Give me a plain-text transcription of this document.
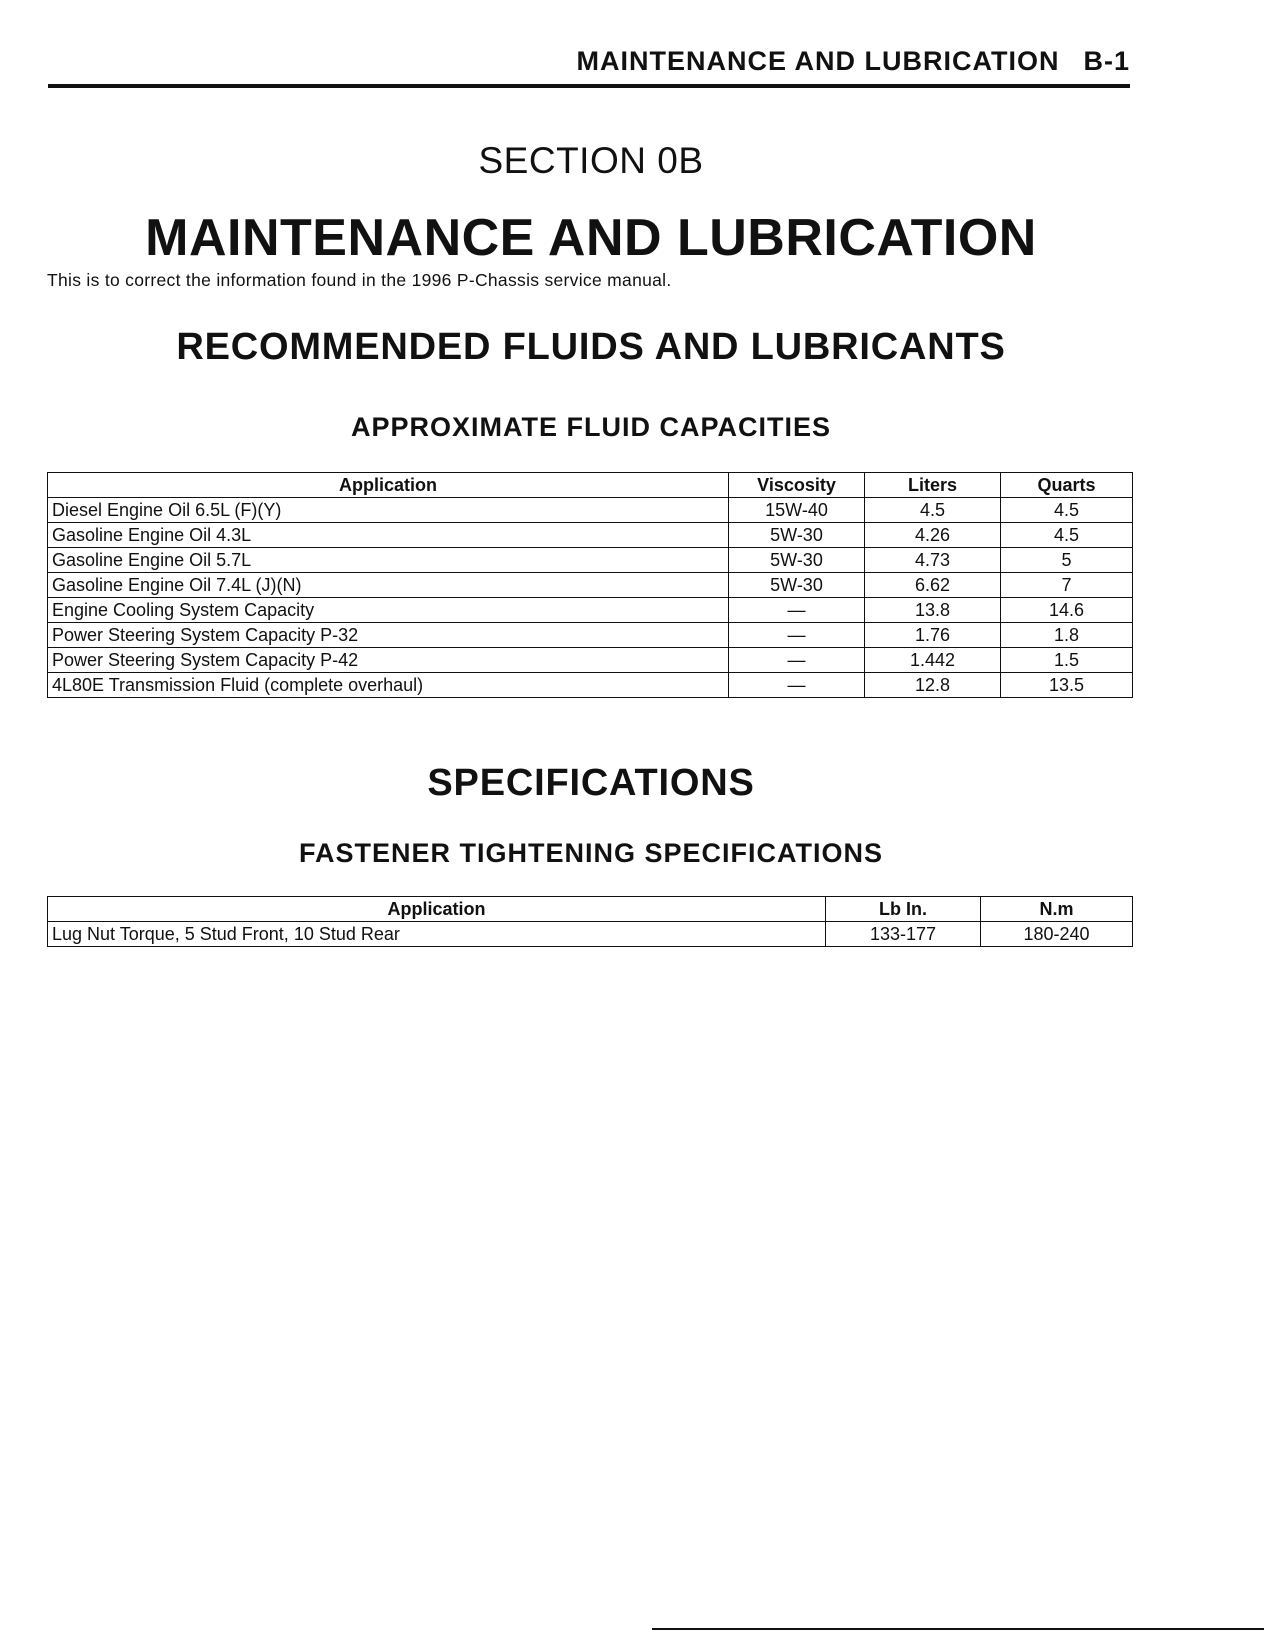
MAINTENANCE AND LUBRICATION B-1
SECTION 0B
MAINTENANCE AND LUBRICATION
This is to correct the information found in the 1996 P-Chassis service manual.
RECOMMENDED FLUIDS AND LUBRICANTS
APPROXIMATE FLUID CAPACITIES
Application	Viscosity	Liters	Quarts
Diesel Engine Oil 6.5L (F)(Y)	15W-40	4.5	4.5
Gasoline Engine Oil 4.3L	5W-30	4.26	4.5
Gasoline Engine Oil 5.7L	5W-30	4.73	5
Gasoline Engine Oil 7.4L (J)(N)	5W-30	6.62	7
Engine Cooling System Capacity	—	13.8	14.6
Power Steering System Capacity P-32	—	1.76	1.8
Power Steering System Capacity P-42	—	1.442	1.5
4L80E Transmission Fluid (complete overhaul)	—	12.8	13.5
SPECIFICATIONS
FASTENER TIGHTENING SPECIFICATIONS
Application	Lb In.	N.m
Lug Nut Torque, 5 Stud Front, 10 Stud Rear	133-177	180-240
